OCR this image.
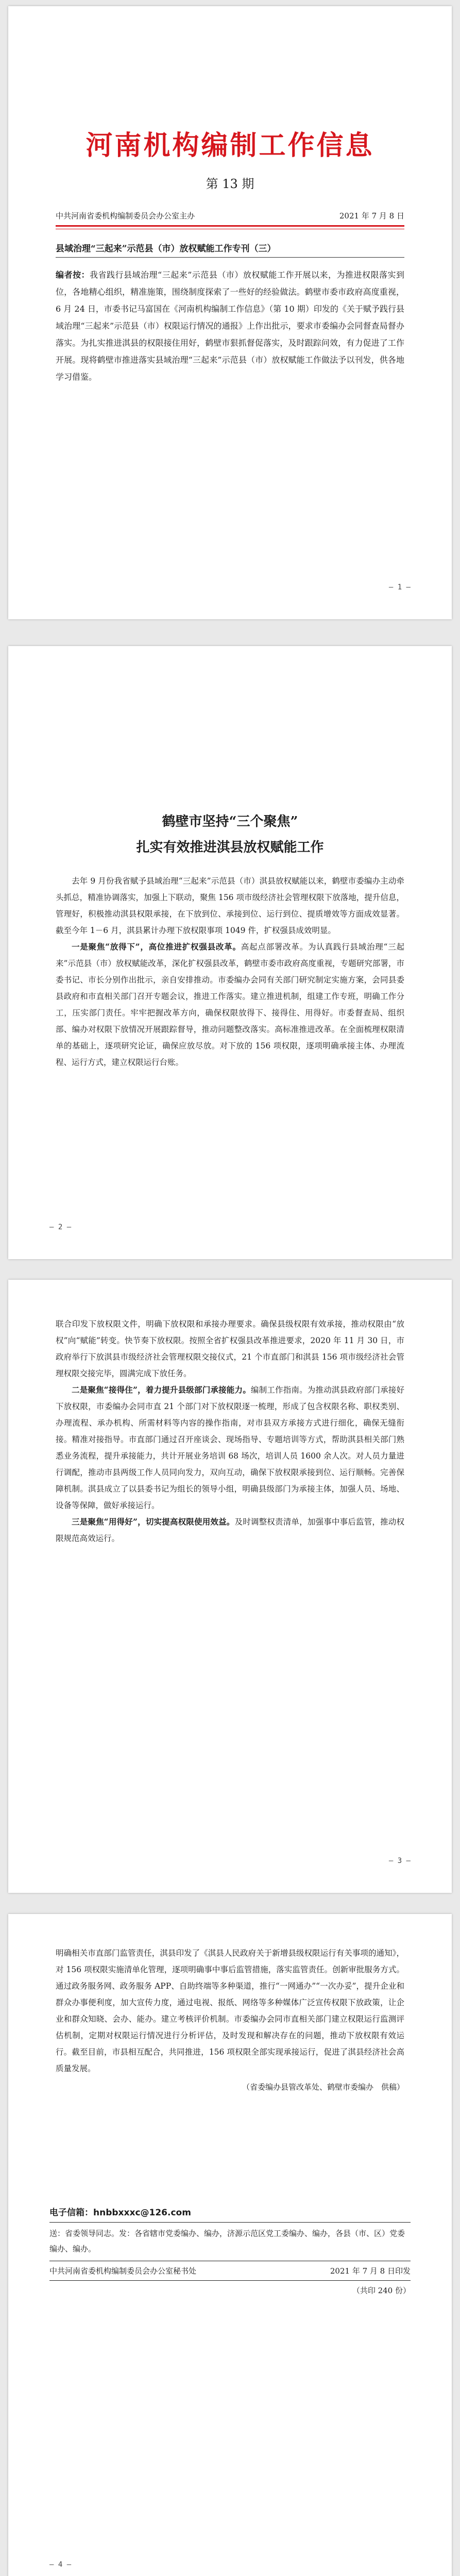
河南机构编制工作信息
第 13 期
中共河南省委机构编制委员会办公室主办	2021 年 7 月 8 日
县域治理“三起来”示范县（市）放权赋能工作专刊（三）
编者按：我省践行县域治理“三起来”示范县（市）放权赋能工作开展以来，为推进权限落实到位，各地精心组织，精准施策，围绕制度探索了一些好的经验做法。鹤壁市委市政府高度重视，6 月 24 日，市委书记马富国在《河南机构编制工作信息》（第 10 期）印发的《关于赋予践行县域治理“三起来”示范县（市）权限运行情况的通报》上作出批示，要求市委编办会同督查局督办落实。为扎实推进淇县的权限接住用好，鹤壁市狠抓督促落实，及时跟踪问效，有力促进了工作开展。现将鹤壁市推进落实县域治理“三起来”示范县（市）放权赋能工作做法予以刊发，供各地学习借鉴。
— 1 —
鹤壁市坚持“三个聚焦”
扎实有效推进淇县放权赋能工作

去年 9 月份我省赋予县域治理“三起来”示范县（市）淇县放权赋能以来，鹤壁市委编办主动牵头抓总，精准协调落实，加强上下联动，聚焦 156 项市级经济社会管理权限下放落地，提升信息，管理好，积极推动淇县权限承接，在下放到位、承接到位、运行到位、提质增效等方面成效显著。截至今年 1－6 月，淇县累计办理下放权限事项 1049 件，扩权强县成效明显。

一是聚焦“放得下”，高位推进扩权强县改革。高起点部署改革。为认真践行县域治理“三起来”示范县（市）放权赋能改革，深化扩权强县改革，鹤壁市委市政府高度重视，专题研究部署，市委书记、市长分别作出批示，亲自安排推动。市委编办会同有关部门研究制定实施方案，会同县委县政府和市直相关部门召开专题会议，推进工作落实。建立推进机制，组建工作专班，明确工作分工，压实部门责任。牢牢把握改革方向，确保权限放得下、接得住、用得好。市委督查局、组织部、编办对权限下放情况开展跟踪督导，推动问题整改落实。高标准推进改革。在全面梳理权限清单的基础上，逐项研究论证，确保应放尽放。对下放的 156 项权限，逐项明确承接主体、办理流程、运行方式，建立权限运行台账。

— 2 —

联合印发下放权限文件，明确下放权限和承接办理要求。确保县级权限有效承接，推动权限由“放权”向“赋能”转变。快节奏下放权限。按照全省扩权强县改革推进要求，2020 年 11 月 30 日，市政府举行下放淇县市级经济社会管理权限交接仪式，21 个市直部门和淇县 156 项市级经济社会管理权限交接完毕，圆满完成下放任务。

二是聚焦“接得住”，着力提升县级部门承接能力。编制工作指南。为推动淇县政府部门承接好下放权限，市委编办会同市直 21 个部门对下放权限逐一梳理，形成了包含权限名称、职权类别、办理流程、承办机构、所需材料等内容的操作指南，对市县双方承接方式进行细化，确保无缝衔接。精准对接指导。市直部门通过召开座谈会、现场指导、专题培训等方式，帮助淇县相关部门熟悉业务流程，提升承接能力，共计开展业务培训 68 场次，培训人员 1600 余人次。对人员力量进行调配，推动市县两级工作人员同向发力，双向互动，确保下放权限承接到位、运行顺畅。完善保障机制。淇县成立了以县委书记为组长的领导小组，明确县级部门为承接主体，加强人员、场地、设备等保障，做好承接运行。

三是聚焦“用得好”，切实提高权限使用效益。及时调整权责清单，加强事中事后监管，推动权限规范高效运行。

— 3 —

明确相关市直部门监管责任，淇县印发了《淇县人民政府关于新增县级权限运行有关事项的通知》，对 156 项权限实施清单化管理，逐项明确事中事后监管措施，落实监管责任。创新审批服务方式。通过政务服务网、政务服务 APP、自助终端等多种渠道，推行“一网通办”“一次办妥”，提升企业和群众办事便利度，加大宣传力度，通过电视、报纸、网络等多种媒体广泛宣传权限下放政策，让企业和群众知晓、会办、能办。建立考核评价机制。市委编办会同市直相关部门建立权限运行监测评估机制，定期对权限运行情况进行分析评估，及时发现和解决存在的问题，推动下放权限有效运行。截至目前，市县相互配合，共同推进，156 项权限全部实现承接运行，促进了淇县经济社会高质量发展。

（省委编办县管改革处、鹤壁市委编办　供稿）
电子信箱：hnbbxxxc@126.com
送：省委领导同志。发：各省辖市党委编办、编办，济源示范区党工委编办、编办，各县（市、区）党委编办、编办。
中共河南省委机构编制委员会办公室秘书处	2021 年 7 月 8 日印发
（共印 240 份）
— 4 —
